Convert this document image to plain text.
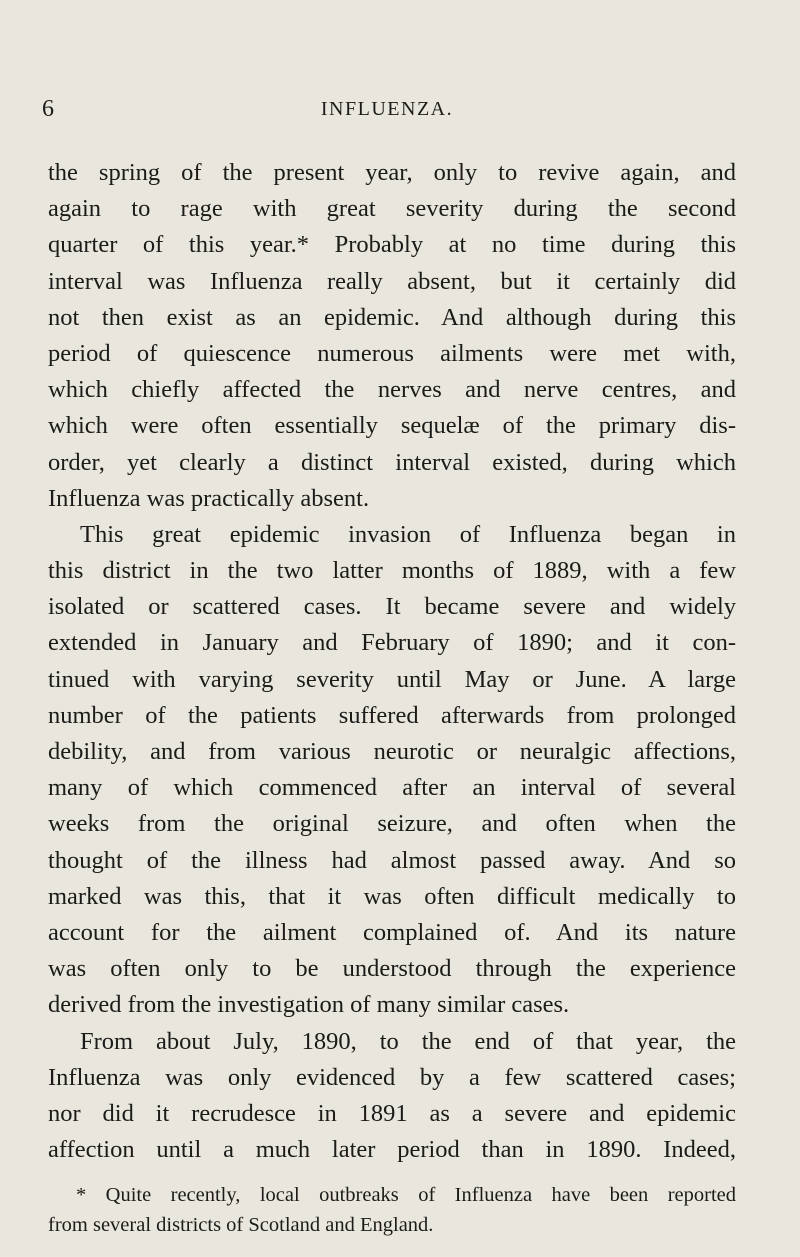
6	INFLUENZA.
the spring of the present year, only to revive again, and
again to rage with great severity during the second
quarter of this year.* Probably at no time during this
interval was Influenza really absent, but it certainly did
not then exist as an epidemic. And although during this
period of quiescence numerous ailments were met with,
which chiefly affected the nerves and nerve centres, and
which were often essentially sequelæ of the primary dis-
order, yet clearly a distinct interval existed, during which
Influenza was practically absent.
This great epidemic invasion of Influenza began in
this district in the two latter months of 1889, with a few
isolated or scattered cases. It became severe and widely
extended in January and February of 1890; and it con-
tinued with varying severity until May or June. A large
number of the patients suffered afterwards from prolonged
debility, and from various neurotic or neuralgic affections,
many of which commenced after an interval of several
weeks from the original seizure, and often when the
thought of the illness had almost passed away. And so
marked was this, that it was often difficult medically to
account for the ailment complained of. And its nature
was often only to be understood through the experience
derived from the investigation of many similar cases.
From about July, 1890, to the end of that year, the
Influenza was only evidenced by a few scattered cases;
nor did it recrudesce in 1891 as a severe and epidemic
affection until a much later period than in 1890. Indeed,
* Quite recently, local outbreaks of Influenza have been reported
from several districts of Scotland and England.
